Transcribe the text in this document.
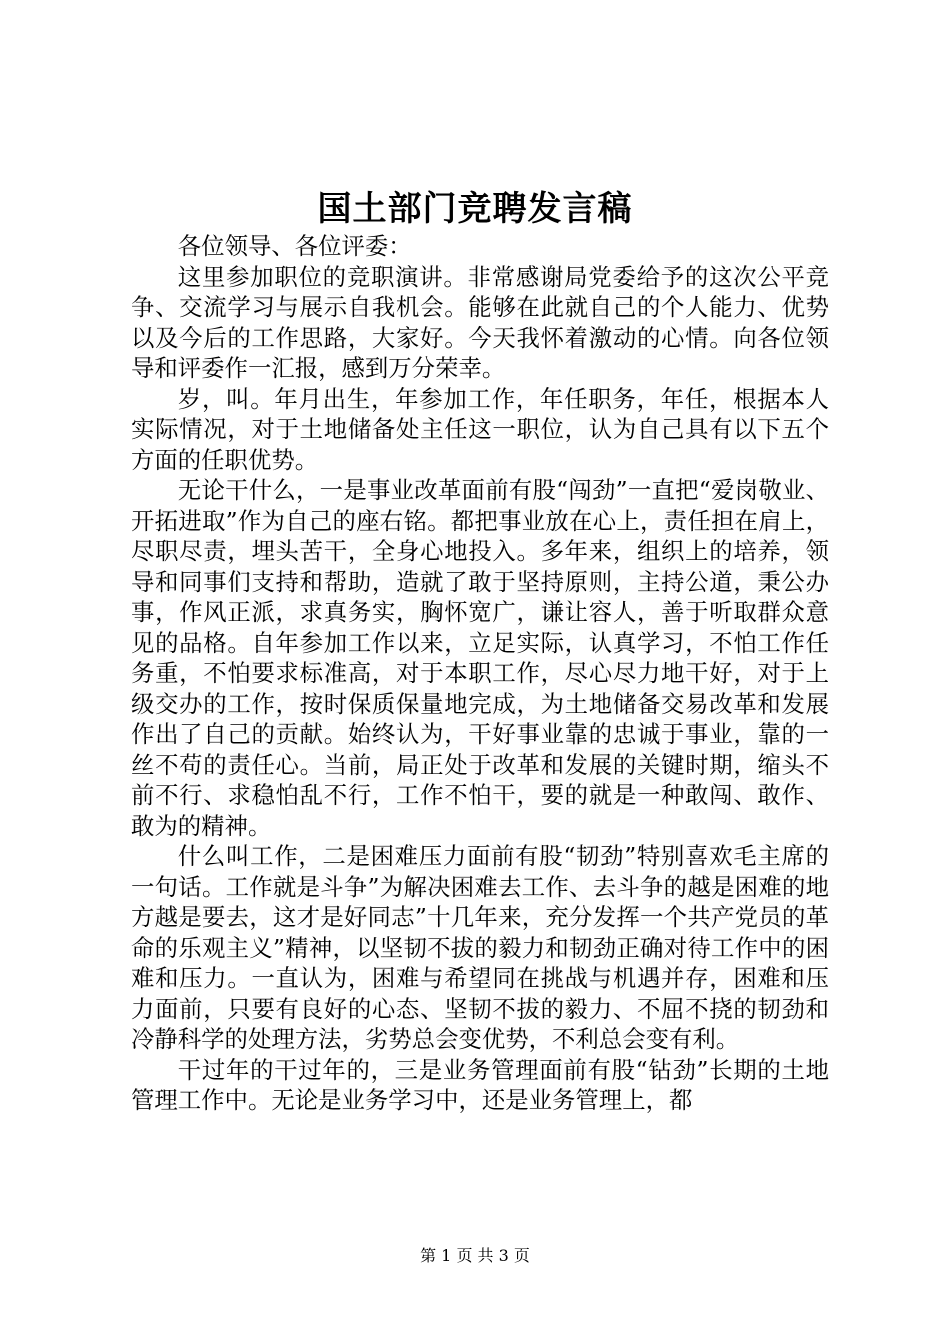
国土部门竞聘发言稿

各位领导、各位评委：

这里参加职位的竞职演讲。非常感谢局党委给予的这次公平竞争、交流学习与展示自我机会。能够在此就自己的个人能力、优势以及今后的工作思路，大家好。今天我怀着激动的心情。向各位领导和评委作一汇报，感到万分荣幸。

岁，叫。年月出生，年参加工作，年任职务，年任，根据本人实际情况，对于土地储备处主任这一职位，认为自己具有以下五个方面的任职优势。

无论干什么，一是事业改革面前有股“闯劲”一直把“爱岗敬业、开拓进取”作为自己的座右铭。都把事业放在心上，责任担在肩上，尽职尽责，埋头苦干，全身心地投入。多年来，组织上的培养，领导和同事们支持和帮助，造就了敢于坚持原则，主持公道，秉公办事，作风正派，求真务实，胸怀宽广，谦让容人，善于听取群众意见的品格。自年参加工作以来，立足实际，认真学习，不怕工作任务重，不怕要求标准高，对于本职工作，尽心尽力地干好，对于上级交办的工作，按时保质保量地完成，为土地储备交易改革和发展作出了自己的贡献。始终认为，干好事业靠的忠诚于事业，靠的一丝不苟的责任心。当前，局正处于改革和发展的关键时期，缩头不前不行、求稳怕乱不行，工作不怕干，要的就是一种敢闯、敢作、敢为的精神。

什么叫工作，二是困难压力面前有股“韧劲”特别喜欢毛主席的一句话。工作就是斗争”为解决困难去工作、去斗争的越是困难的地方越是要去，这才是好同志”十几年来，充分发挥一个共产党员的革命的乐观主义”精神，以坚韧不拔的毅力和韧劲正确对待工作中的困难和压力。一直认为，困难与希望同在挑战与机遇并存，困难和压力面前，只要有良好的心态、坚韧不拔的毅力、不屈不挠的韧劲和冷静科学的处理方法，劣势总会变优势，不利总会变有利。

干过年的干过年的，三是业务管理面前有股“钻劲”长期的土地管理工作中。无论是业务学习中，还是业务管理上，都

第 1 页 共 3 页
